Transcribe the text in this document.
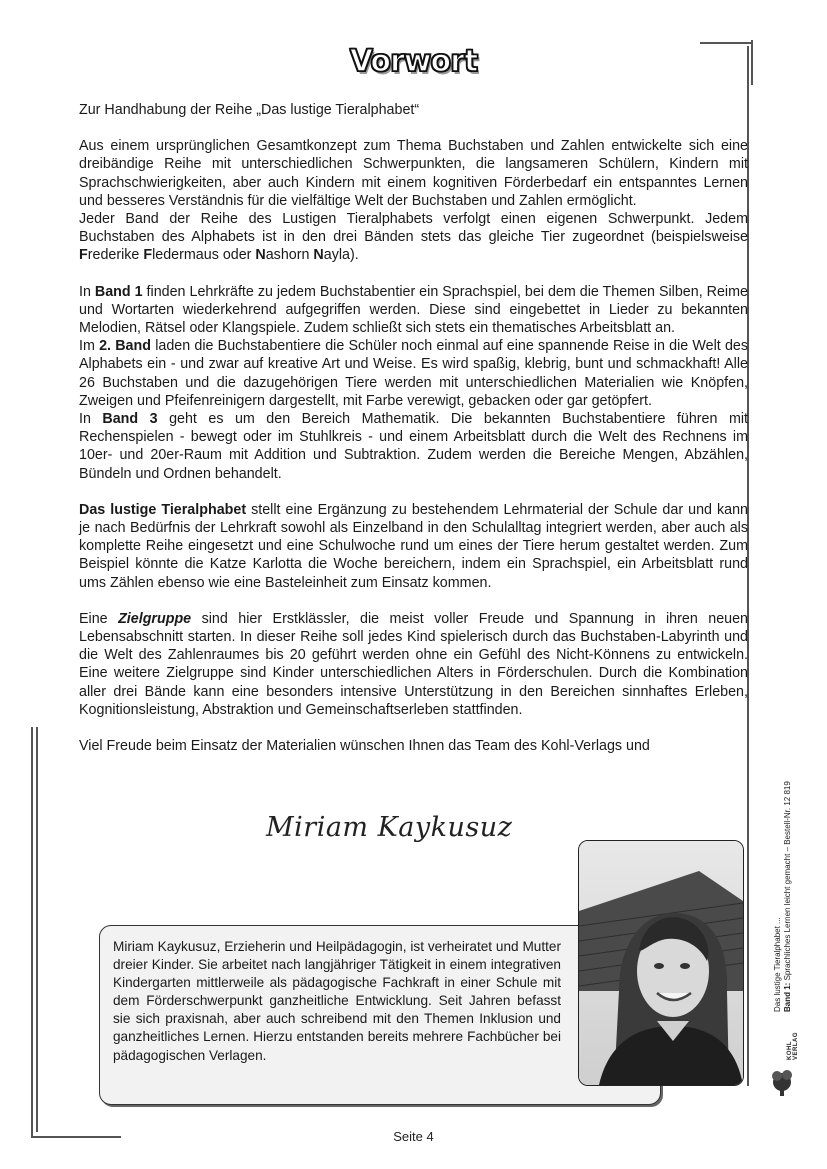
Vorwort

Zur Handhabung der Reihe „Das lustige Tieralphabet“

Aus einem ursprünglichen Gesamtkonzept zum Thema Buchstaben und Zahlen entwickelte sich eine dreibändige Reihe mit unterschiedlichen Schwerpunkten, die langsameren Schülern, Kindern mit Sprachschwierigkeiten, aber auch Kindern mit einem kognitiven Förderbedarf ein entspanntes Lernen und besseres Verständnis für die vielfältige Welt der Buchstaben und Zahlen ermöglicht.

Jeder Band der Reihe des Lustigen Tieralphabets verfolgt einen eigenen Schwerpunkt. Jedem Buchstaben des Alphabets ist in den drei Bänden stets das gleiche Tier zugeordnet (beispielsweise Frederike Fledermaus oder Nashorn Nayla).

In Band 1 finden Lehrkräfte zu jedem Buchstabentier ein Sprachspiel, bei dem die Themen Silben, Reime und Wortarten wiederkehrend aufgegriffen werden. Diese sind eingebettet in Lieder zu bekannten Melodien, Rätsel oder Klangspiele. Zudem schließt sich stets ein thematisches Arbeitsblatt an.

Im 2. Band laden die Buchstabentiere die Schüler noch einmal auf eine spannende Reise in die Welt des Alphabets ein - und zwar auf kreative Art und Weise. Es wird spaßig, klebrig, bunt und schmackhaft! Alle 26 Buchstaben und die dazugehörigen Tiere werden mit unterschiedlichen Materialien wie Knöpfen, Zweigen und Pfeifenreinigern dargestellt, mit Farbe verewigt, gebacken oder gar getöpfert.

In Band 3 geht es um den Bereich Mathematik. Die bekannten Buchstabentiere führen mit Rechenspielen - bewegt oder im Stuhlkreis - und einem Arbeitsblatt durch die Welt des Rechnens im 10er- und 20er-Raum mit Addition und Subtraktion. Zudem werden die Bereiche Mengen, Abzählen, Bündeln und Ordnen behandelt.

Das lustige Tieralphabet stellt eine Ergänzung zu bestehendem Lehrmaterial der Schule dar und kann je nach Bedürfnis der Lehrkraft sowohl als Einzelband in den Schulalltag integriert werden, aber auch als komplette Reihe eingesetzt und eine Schulwoche rund um eines der Tiere herum gestaltet werden. Zum Beispiel könnte die Katze Karlotta die Woche bereichern, indem ein Sprachspiel, ein Arbeitsblatt rund ums Zählen ebenso wie eine Basteleinheit zum Einsatz kommen.

Eine Zielgruppe sind hier Erstklässler, die meist voller Freude und Spannung in ihren neuen Lebensabschnitt starten. In dieser Reihe soll jedes Kind spielerisch durch das Buchstaben-Labyrinth und die Welt des Zahlenraumes bis 20 geführt werden ohne ein Gefühl des Nicht-Könnens zu entwickeln. Eine weitere Zielgruppe sind Kinder unterschiedlichen Alters in Förderschulen. Durch die Kombination aller drei Bände kann eine besonders intensive Unterstützung in den Bereichen sinnhaftes Erleben, Kognitionsleistung, Abstraktion und Gemeinschaftserleben stattfinden.

Viel Freude beim Einsatz der Materialien wünschen Ihnen das Team des Kohl-Verlags und

Miriam Kaykusuz
Miriam Kaykusuz, Erzieherin und Heilpädagogin, ist verheiratet und Mutter dreier Kinder. Sie arbeitet nach langjähriger Tätigkeit in einem integrativen Kindergarten mittlerweile als pädagogische Fachkraft in einer Schule mit dem Förderschwerpunkt ganzheitliche Entwicklung. Seit Jahren befasst sie sich praxisnah, aber auch schreibend mit den Themen Inklusion und ganzheitliches Lernen. Hierzu entstanden bereits mehrere Fachbücher bei pädagogischen Verlagen.
Das lustige Tieralphabet ... Band 1: Sprachliches Lernen leicht gemacht – Bestell-Nr. 12 819
KOHL VERLAG
Seite 4
